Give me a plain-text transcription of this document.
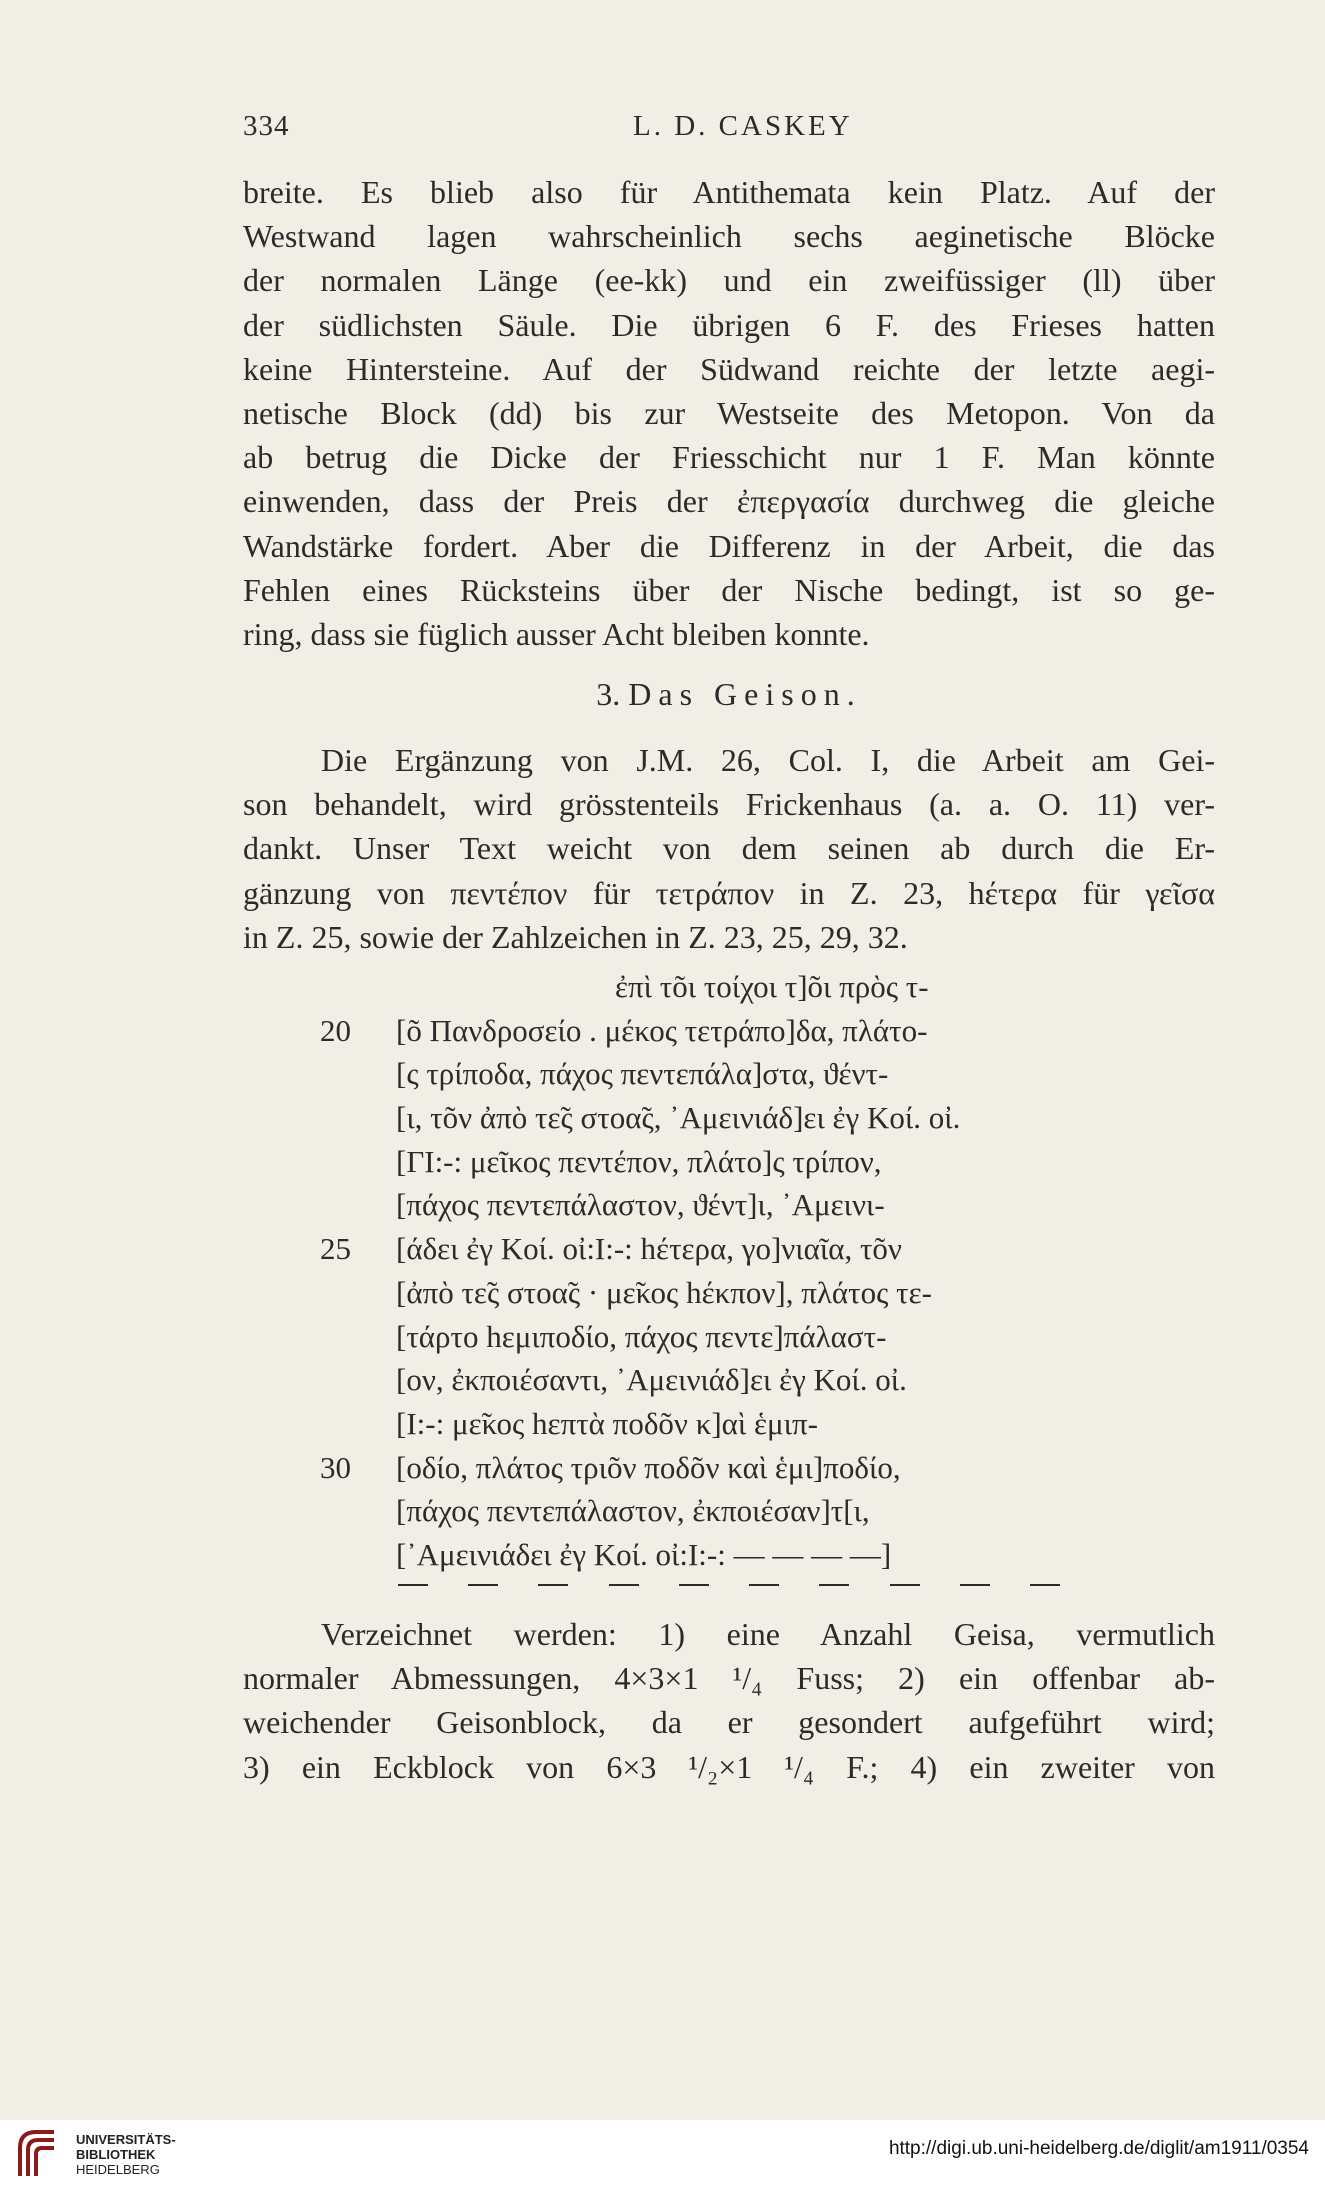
334	L. D. CASKEY
breite. Es blieb also für Antithemata kein Platz. Auf der
Westwand lagen wahrscheinlich sechs aeginetische Blöcke
der normalen Länge (ee-kk) und ein zweifüssiger (ll) über
der südlichsten Säule. Die übrigen 6 F. des Frieses hatten
keine Hintersteine. Auf der Südwand reichte der letzte aegi-
netische Block (dd) bis zur Westseite des Metopon. Von da
ab betrug die Dicke der Friesschicht nur 1 F. Man könnte
einwenden, dass der Preis der ἐπεργασία durchweg die gleiche
Wandstärke fordert. Aber die Differenz in der Arbeit, die das
Fehlen eines Rücksteins über der Nische bedingt, ist so ge-
ring, dass sie füglich ausser Acht bleiben konnte.
3. Das Geison.
Die Ergänzung von J.M. 26, Col. I, die Arbeit am Gei-
son behandelt, wird grösstenteils Frickenhaus (a. a. O. 11) ver-
dankt. Unser Text weicht von dem seinen ab durch die Er-
gänzung von πεντέπον für τετράπον in Z. 23, hέτερα für γεῖσα
in Z. 25, sowie der Zahlzeichen in Z. 23, 25, 29, 32.
ἐπὶ τõι τοίχοι τ]õι πρὸς τ-
20 [õ Πανδροσείο . μέκος τετράπο]δα, πλάτο-
[ς τρίποδα, πάχος πεντεπάλα]στα, ϑέντ-
[ι, τõν ἀπὸ τε̃ς στοα̃ς, ᾿Αμεινιάδ]ει ἐγ Κοί. οἰ.
[ΓΙ:-: μεῖκος πεντέπον, πλάτο]ς τρίπον,
[πάχος πεντεπάλαστον, ϑέντ]ι, ᾿Αμεινι-
25 [άδει ἐγ Κοί. οἰ:Ι:-: hέτερα, γο]νιαῖα, τõν
[ἀπὸ τε̃ς στοα̃ς · με̃κος hέκπον], πλάτος τε-
[τάρτο hεμιποδίο, πάχος πεντε]πάλαστ-
[ον, ἐκποιέσαντι, ᾿Αμεινιάδ]ει ἐγ Κοί. οἰ.
[Ι:-: με̃κος hεπτὰ ποδõν κ]αὶ ἑμιπ-
30 [οδίο, πλάτος τριõν ποδõν καὶ ἑμι]ποδίο,
[πάχος πεντεπάλαστον, ἐκποιέσαν]τ[ι,
[᾿Αμεινιάδει ἐγ Κοί. οἰ:Ι:-: — — — —]
Verzeichnet werden: 1) eine Anzahl Geisa, vermutlich
normaler Abmessungen, 4×3×1 ¹/₄ Fuss; 2) ein offenbar ab-
weichender Geisonblock, da er gesondert aufgeführt wird;
3) ein Eckblock von 6×3 ¹/₂×1 ¹/₄ F.; 4) ein zweiter von
UNIVERSITÄTS-
BIBLIOTHEK
HEIDELBERG
http://digi.ub.uni-heidelberg.de/diglit/am1911/0354
